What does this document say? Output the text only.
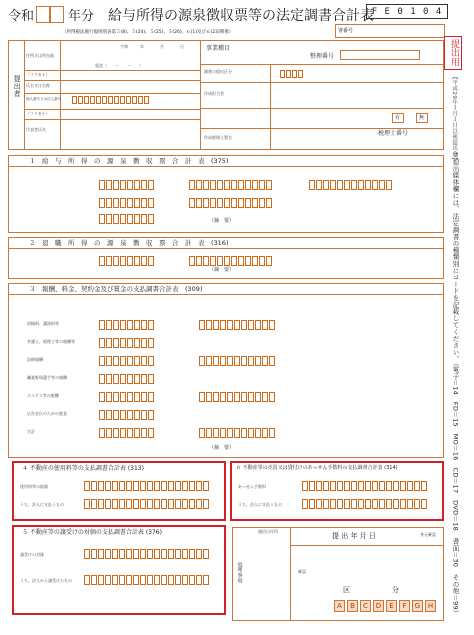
令和	年分 給与所得の源泉徴収票等の法定調書合計表
（所得税法施行規則別表第５(8)、５(24)、５(25)、５(26)、６(1)及び６(23)関係）
F E 0 1 0 4
署番号
提出用
【平成29年１月１日以後提出分】
提出者
住所又は所在地
（フリガナ）
氏名又は名称
個人番号又は法人番号
（フリガナ）
代表者氏名
電話（　　－　　－　　）
令和	年	月	日	事業種目
整理番号
調書の提出区分
作成担当者
作成税理士署名
税理士番号
有	無
１　給　与　所　得　の　源　泉　徴　収　票　合　計　表　(375)
（摘　要）
２　退　職　所　得　の　源　泉　徴　収　票　合　計　表　(316)
（摘　要）
３　報酬、料金、契約金及び賞金の支払調書合計表　(309)
原稿料、講演料等
弁護士、税理士等の報酬等
診療報酬
職業野球選手等の報酬
ホステス等の報酬
広告宣伝のための賞金
合計
（摘　要）
４ 不動産の使用料等の支払調書合計表 (313)
使用料等の総額
うち、法人に支払うもの
６ 不動産等の売買又は貸付けのあっせん手数料の支払調書合計表 (314)
あっせん手数料
うち、法人に支払うもの
５ 不動産等の譲受けの対価の支払調書合計表 (376)
譲受けの対価
うち、法人から譲受けたもの
通信日付印
提 出 年 月 日	身元確認
処理事項	確認
区	分
A	B	C	D	E	F	G	H	◎提出媒体欄には、法定調書の種類別にコードを記載してください。（電子＝14　FD＝15　MO＝16　CD＝17　DVD＝18　書面＝30　その他＝99）
